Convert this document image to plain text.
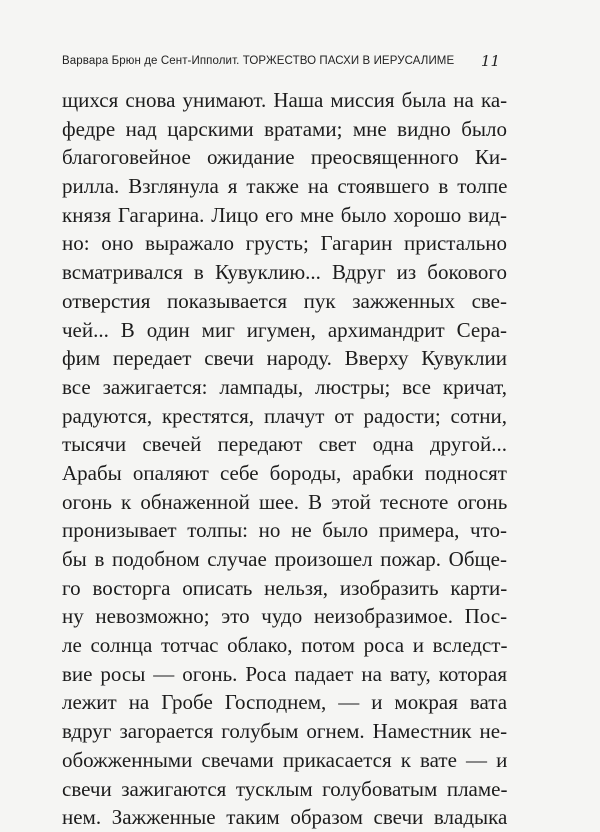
Варвара Брюн де Сент-Ипполит. ТОРЖЕСТВО ПАСХИ В ИЕРУСАЛИМЕ 11
щихся снова унимают. Наша миссия была на ка-
федре над царскими вратами; мне видно было
благоговейное ожидание преосвященного Ки-
рилла. Взглянула я также на стоявшего в толпе
князя Гагарина. Лицо его мне было хорошо вид-
но: оно выражало грусть; Гагарин пристально
всматривался в Кувуклию... Вдруг из бокового
отверстия показывается пук зажженных све-
чей... В один миг игумен, архимандрит Сера-
фим передает свечи народу. Вверху Кувуклии
все зажигается: лампады, люстры; все кричат,
радуются, крестятся, плачут от радости; сотни,
тысячи свечей передают свет одна другой...
Арабы опаляют себе бороды, арабки подносят
огонь к обнаженной шее. В этой тесноте огонь
пронизывает толпы: но не было примера, что-
бы в подобном случае произошел пожар. Обще-
го восторга описать нельзя, изобразить карти-
ну невозможно; это чудо неизобразимое. Пос-
ле солнца тотчас облако, потом роса и вследст-
вие росы — огонь. Роса падает на вату, которая
лежит на Гробе Господнем, — и мокрая вата
вдруг загорается голубым огнем. Наместник не-
обожженными свечами прикасается к вате — и
свечи зажигаются тусклым голубоватым пламе-
нем. Зажженные таким образом свечи владыка
